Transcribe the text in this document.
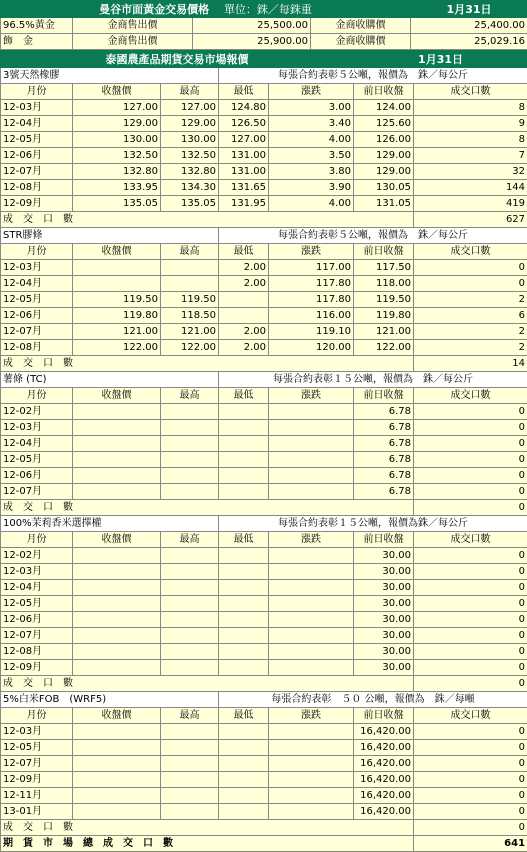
曼谷市面黃金交易價格 　 單位：銖／每銖重				1月31日
96.5%黃金	金商售出價	25,500.00	金商收購價	25,400.00
飾　金	金商售出價	25,900.00	金商收購價	25,029.16
泰國農產品期貨交易市場報價					1月31日	
3號天然橡膠			每張合約表彰５公噸，報價為　銖／每公斤			
月份	收盤價	最高	最低	漲跌	前日收盤	成交口數
12-03月	127.00	127.00	124.80	3.00	124.00	8
12-04月	129.00	129.00	126.50	3.40	125.60	9
12-05月	130.00	130.00	127.00	4.00	126.00	8
12-06月	132.50	132.50	131.00	3.50	129.00	7
12-07月	132.80	132.80	131.00	3.80	129.00	32
12-08月	133.95	134.30	131.65	3.90	130.05	144
12-09月	135.05	135.05	131.95	4.00	131.05	419
成　交　口　數						627
STR膠條			每張合約表彰５公噸，報價為　銖／每公斤			
月份	收盤價	最高	最低	漲跌	前日收盤	成交口數
12-03月			2.00	117.00	117.50	0
12-04月			2.00	117.80	118.00	0
12-05月	119.50	119.50		117.80	119.50	2
12-06月	119.80	118.50		116.00	119.80	6
12-07月	121.00	121.00	2.00	119.10	121.00	2
12-08月	122.00	122.00	2.00	120.00	122.00	2
成　交　口　數						14
薯條 (TC)			每張合約表彰１５公噸，報價為　銖／每公斤			
月份	收盤價	最高	最低	漲跌	前日收盤	成交口數
12-02月					6.78	0
12-03月					6.78	0
12-04月					6.78	0
12-05月					6.78	0
12-06月					6.78	0
12-07月					6.78	0
成　交　口　數						0
100%茉莉香米選擇權			每張合約表彰１５公噸，報價為銖／每公斤			
月份	收盤價	最高	最低	漲跌	前日收盤	成交口數
12-02月					30.00	0
12-03月					30.00	0
12-04月					30.00	0
12-05月					30.00	0
12-06月					30.00	0
12-07月					30.00	0
12-08月					30.00	0
12-09月					30.00	0
成　交　口　數						0
5%白米FOB　(WRF5)			每張合約表彰　５０ 公噸，報價為　銖／每噸			
月份	收盤價	最高	最低	漲跌	前日收盤	成交口數
12-03月					16,420.00	0
12-05月					16,420.00	0
12-07月					16,420.00	0
12-09月					16,420.00	0
12-11月					16,420.00	0
13-01月					16,420.00	0
成　交　口　數						0
期　貨　市　場　總　成　交　口　數						641
